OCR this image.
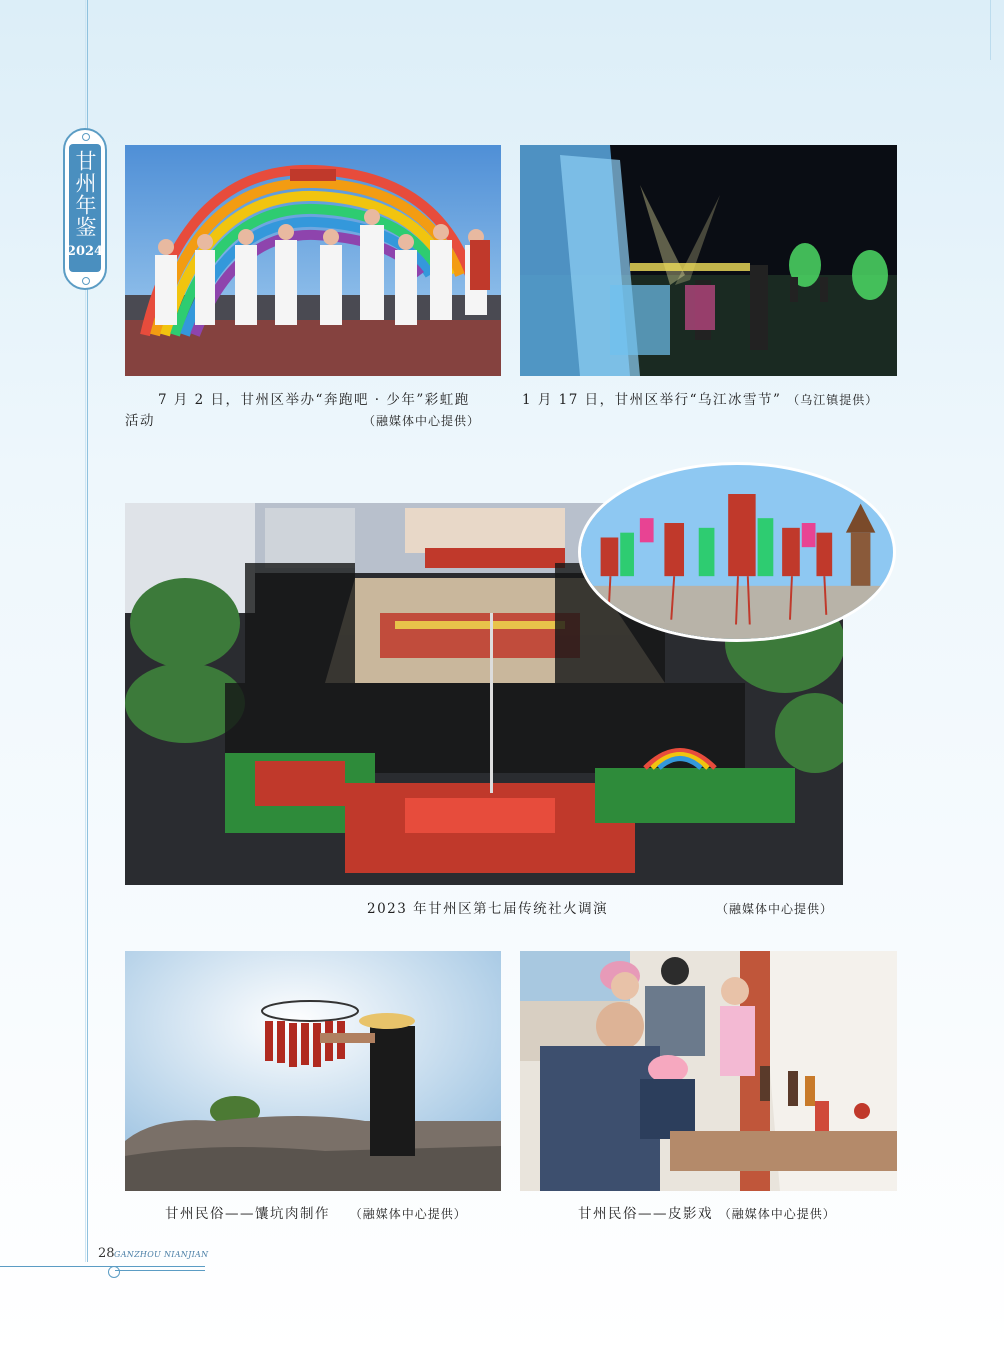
甘州年鉴
2024
7 月 2 日，甘州区举办“奔跑吧 · 少年”彩虹跑
活动	（融媒体中心提供）
1 月 17 日，甘州区举行“乌江冰雪节” （乌江镇提供）
2023 年甘州区第七届传统社火调演	（融媒体中心提供）
甘州民俗——馕坑肉制作 （融媒体中心提供）	甘州民俗——皮影戏 （融媒体中心提供）
28 GANZHOU NIANJIAN
